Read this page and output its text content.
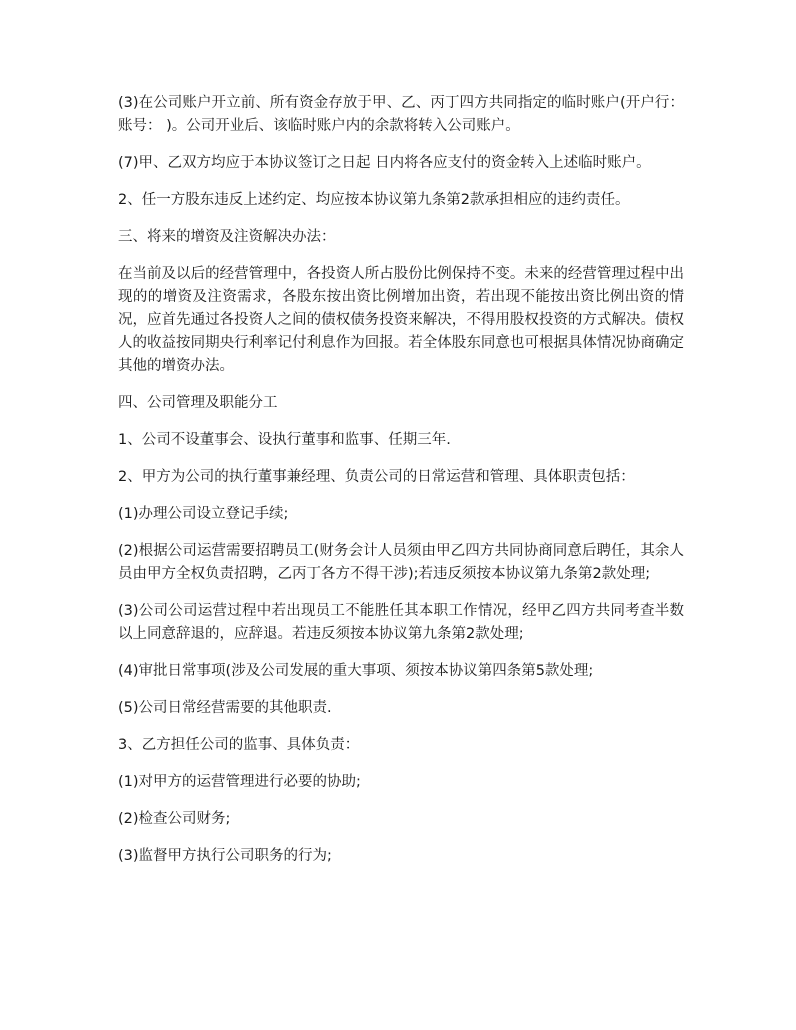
(3)在公司账户开立前、所有资金存放于甲、乙、丙丁四方共同指定的临时账户(开户行： 账号： )。公司开业后、该临时账户内的余款将转入公司账户。

(7)甲、乙双方均应于本协议签订之日起 日内将各应支付的资金转入上述临时账户。

2、任一方股东违反上述约定、均应按本协议第九条第2款承担相应的违约责任。

三、将来的增资及注资解决办法：

在当前及以后的经营管理中，各投资人所占股份比例保持不变。未来的经营管理过程中出现的的增资及注资需求，各股东按出资比例增加出资，若出现不能按出资比例出资的情况，应首先通过各投资人之间的债权债务投资来解决，不得用股权投资的方式解决。债权人的收益按同期央行利率记付利息作为回报。若全体股东同意也可根据具体情况协商确定其他的增资办法。

四、公司管理及职能分工

1、公司不设董事会、设执行董事和监事、任期三年.

2、甲方为公司的执行董事兼经理、负责公司的日常运营和管理、具体职责包括：

(1)办理公司设立登记手续;

(2)根据公司运营需要招聘员工(财务会计人员须由甲乙四方共同协商同意后聘任，其余人员由甲方全权负责招聘，乙丙丁各方不得干涉);若违反须按本协议第九条第2款处理;

(3)公司公司运营过程中若出现员工不能胜任其本职工作情况，经甲乙四方共同考查半数以上同意辞退的，应辞退。若违反须按本协议第九条第2款处理;

(4)审批日常事项(涉及公司发展的重大事项、须按本协议第四条第5款处理;

(5)公司日常经营需要的其他职责.

3、乙方担任公司的监事、具体负责：

(1)对甲方的运营管理进行必要的协助;

(2)检查公司财务;

(3)监督甲方执行公司职务的行为;
